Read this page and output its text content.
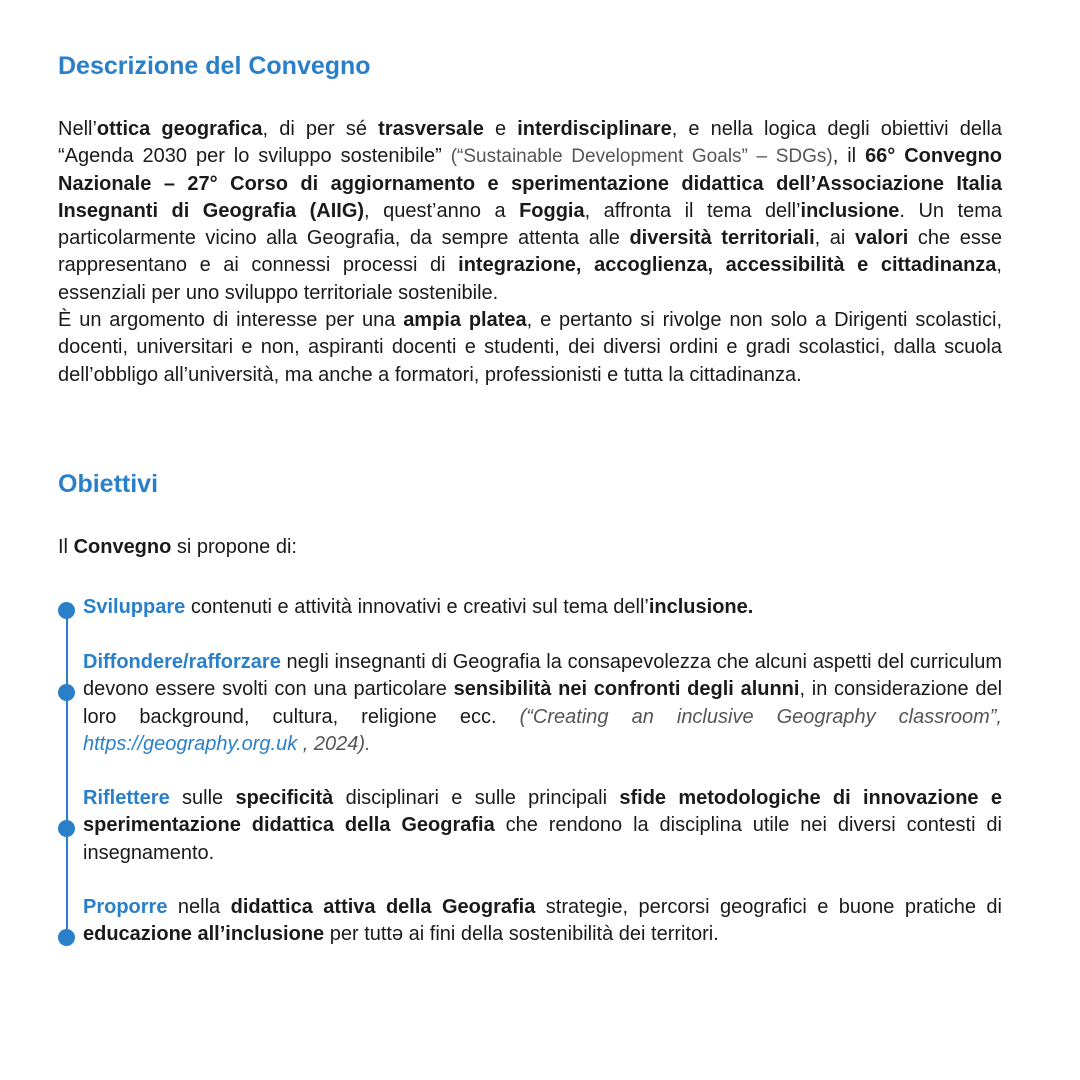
Descrizione del Convegno

Nell’ottica geografica, di per sé trasversale e interdisciplinare, e nella logica degli obiettivi della “Agenda 2030 per lo sviluppo sostenibile” (“Sustainable Development Goals” – SDGs), il 66° Convegno Nazionale – 27° Corso di aggiornamento e sperimentazione didattica dell’Associazione Italia Insegnanti di Geografia (AIIG), quest’anno a Foggia, affronta il tema dell’inclusione. Un tema particolarmente vicino alla Geografia, da sempre attenta alle diversità territoriali, ai valori che esse rappresentano e ai connessi processi di integrazione, accoglienza, accessibilità e cittadinanza, essenziali per uno sviluppo territoriale sostenibile.
È un argomento di interesse per una ampia platea, e pertanto si rivolge non solo a Dirigenti scolastici, docenti, universitari e non, aspiranti docenti e studenti, dei diversi ordini e gradi scolastici, dalla scuola dell’obbligo all’università, ma anche a formatori, professionisti e tutta la cittadinanza.

Obiettivi

Il Convegno si propone di:

Sviluppare contenuti e attività innovativi e creativi sul tema dell’inclusione.

Diffondere/rafforzare negli insegnanti di Geografia la consapevolezza che alcuni aspetti del curriculum devono essere svolti con una particolare sensibilità nei confronti degli alunni, in considerazione del loro background, cultura, religione ecc. (“Creating an inclusive Geography classroom”, https://geography.org.uk , 2024).

Riflettere sulle specificità disciplinari e sulle principali sfide metodologiche di innovazione e sperimentazione didattica della Geografia che rendono la disciplina utile nei diversi contesti di insegnamento.

Proporre nella didattica attiva della Geografia strategie, percorsi geografici e buone pratiche di educazione all’inclusione per tuttə ai fini della sostenibilità dei territori.
